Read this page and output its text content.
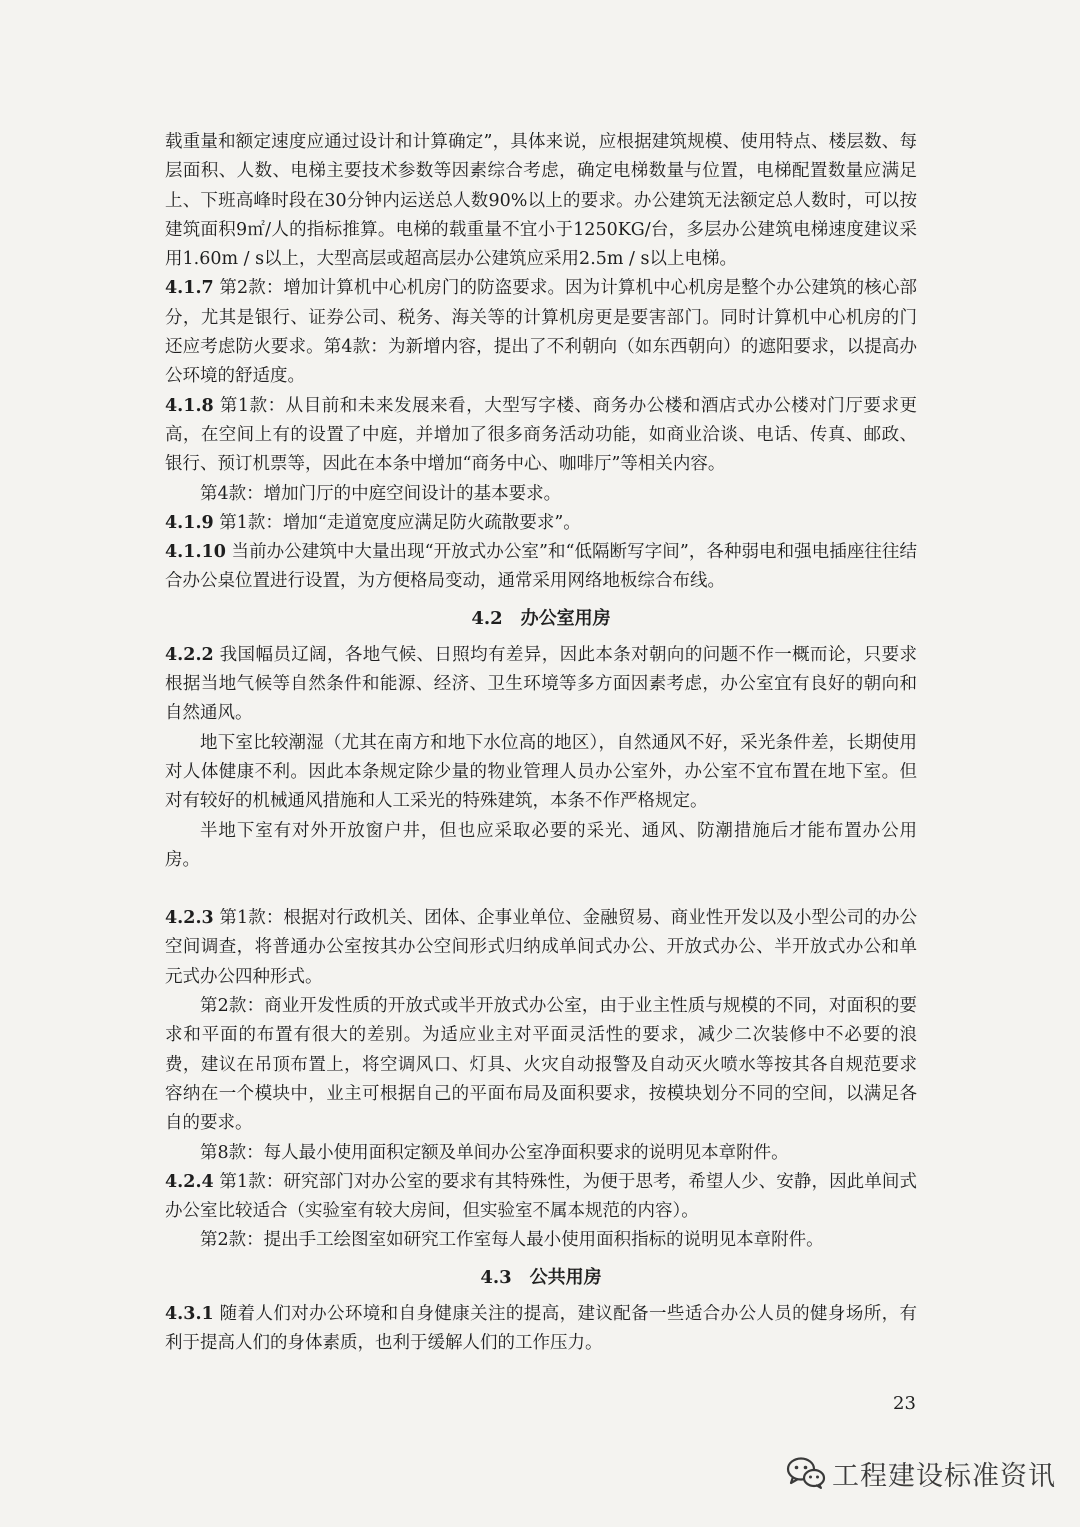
载重量和额定速度应通过设计和计算确定”，具体来说，应根据建筑规模、使用特点、楼层数、每层面积、人数、电梯主要技术参数等因素综合考虑，确定电梯数量与位置，电梯配置数量应满足上、下班高峰时段在30分钟内运送总人数90%以上的要求。办公建筑无法额定总人数时，可以按建筑面积9㎡/人的指标推算。电梯的载重量不宜小于1250KG/台，多层办公建筑电梯速度建议采用1.60m / s以上，大型高层或超高层办公建筑应采用2.5m / s以上电梯。

4.1.7 第2款：增加计算机中心机房门的防盗要求。因为计算机中心机房是整个办公建筑的核心部分，尤其是银行、证券公司、税务、海关等的计算机房更是要害部门。同时计算机中心机房的门还应考虑防火要求。第4款：为新增内容，提出了不利朝向（如东西朝向）的遮阳要求，以提高办公环境的舒适度。

4.1.8 第1款：从目前和未来发展来看，大型写字楼、商务办公楼和酒店式办公楼对门厅要求更高，在空间上有的设置了中庭，并增加了很多商务活动功能，如商业洽谈、电话、传真、邮政、银行、预订机票等，因此在本条中增加“商务中心、咖啡厅”等相关内容。

第4款：增加门厅的中庭空间设计的基本要求。

4.1.9 第1款：增加“走道宽度应满足防火疏散要求”。

4.1.10 当前办公建筑中大量出现“开放式办公室”和“低隔断写字间”，各种弱电和强电插座往往结合办公桌位置进行设置，为方便格局变动，通常采用网络地板综合布线。

4.2　办公室用房

4.2.2 我国幅员辽阔，各地气候、日照均有差异，因此本条对朝向的问题不作一概而论，只要求根据当地气候等自然条件和能源、经济、卫生环境等多方面因素考虑，办公室宜有良好的朝向和自然通风。

地下室比较潮湿（尤其在南方和地下水位高的地区），自然通风不好，采光条件差，长期使用对人体健康不利。因此本条规定除少量的物业管理人员办公室外，办公室不宜布置在地下室。但对有较好的机械通风措施和人工采光的特殊建筑，本条不作严格规定。

半地下室有对外开放窗户井，但也应采取必要的采光、通风、防潮措施后才能布置办公用房。

4.2.3 第1款：根据对行政机关、团体、企事业单位、金融贸易、商业性开发以及小型公司的办公空间调查，将普通办公室按其办公空间形式归纳成单间式办公、开放式办公、半开放式办公和单元式办公四种形式。

第2款：商业开发性质的开放式或半开放式办公室，由于业主性质与规模的不同，对面积的要求和平面的布置有很大的差别。为适应业主对平面灵活性的要求，减少二次装修中不必要的浪费，建议在吊顶布置上，将空调风口、灯具、火灾自动报警及自动灭火喷水等按其各自规范要求容纳在一个模块中，业主可根据自己的平面布局及面积要求，按模块划分不同的空间，以满足各自的要求。

第8款：每人最小使用面积定额及单间办公室净面积要求的说明见本章附件。

4.2.4 第1款：研究部门对办公室的要求有其特殊性，为便于思考，希望人少、安静，因此单间式办公室比较适合（实验室有较大房间，但实验室不属本规范的内容）。

第2款：提出手工绘图室如研究工作室每人最小使用面积指标的说明见本章附件。

4.3　公共用房

4.3.1 随着人们对办公环境和自身健康关注的提高，建议配备一些适合办公人员的健身场所，有利于提高人们的身体素质，也利于缓解人们的工作压力。

23
工程建设标准资讯
